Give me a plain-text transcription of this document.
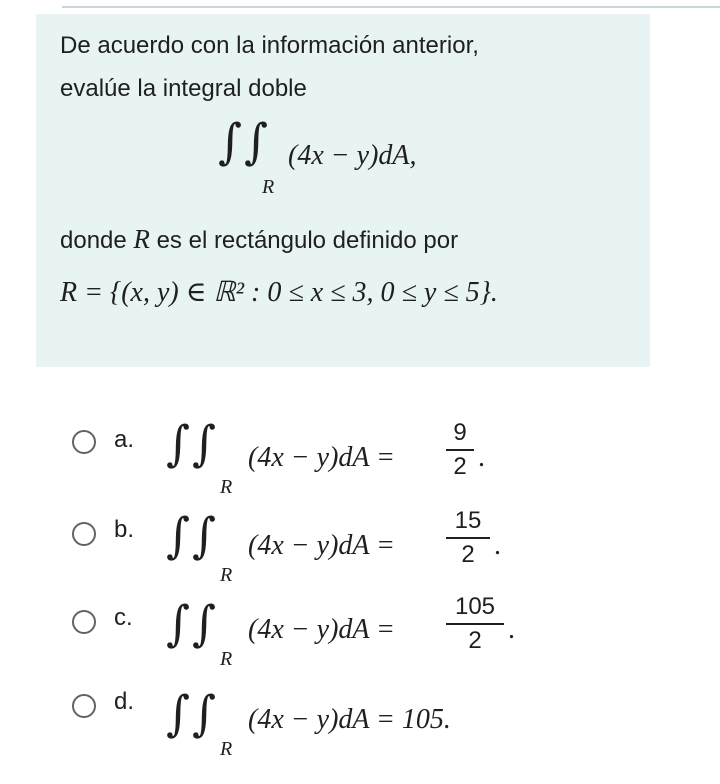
De acuerdo con la información anterior,
evalúe la integral doble
∫ ∫
R
(4x − y)dA,
donde R es el rectángulo definido por
R = {(x, y) ∈ ℝ² : 0 ≤ x ≤ 3, 0 ≤ y ≤ 5}.
a. ∫ ∫
R
(4x − y)dA =
9
2 .
b. ∫ ∫
R
(4x − y)dA =
15
2 .
c. ∫ ∫
R
(4x − y)dA =
105
2 .
d. ∫ ∫
R
(4x − y)dA = 105.
